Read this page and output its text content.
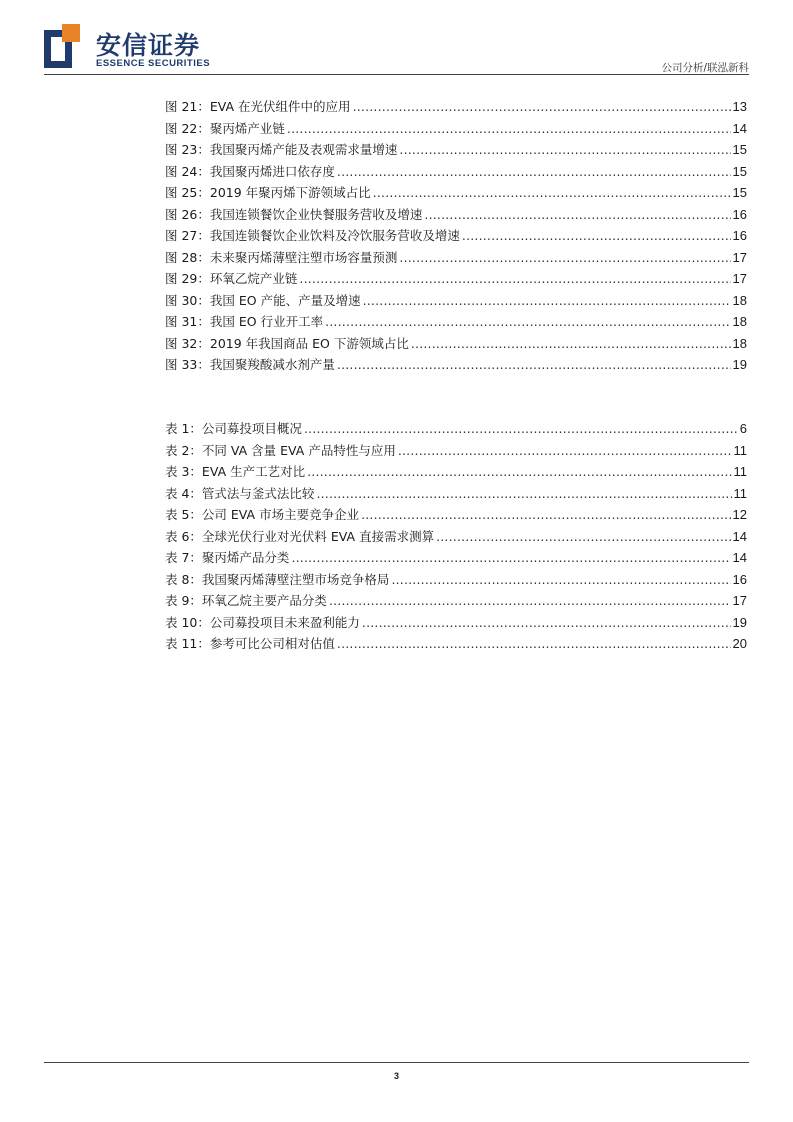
安信证券
ESSENCE SECURITIES	公司分析/联泓新科
图 21：EVA 在光伏组件中的应用 .....	13
图 22：聚丙烯产业链 .....	14
图 23：我国聚丙烯产能及表观需求量增速 .....	15
图 24：我国聚丙烯进口依存度 .....	15
图 25：2019 年聚丙烯下游领域占比 .....	15
图 26：我国连锁餐饮企业快餐服务营收及增速 .....	16
图 27：我国连锁餐饮企业饮料及冷饮服务营收及增速 .....	16
图 28：未来聚丙烯薄壁注塑市场容量预测 .....	17
图 29：环氧乙烷产业链 .....	17
图 30：我国 EO 产能、产量及增速 .....	18
图 31：我国 EO 行业开工率 .....	18
图 32：2019 年我国商品 EO 下游领域占比 .....	18
图 33：我国聚羧酸减水剂产量 .....	19
表 1：公司募投项目概况 .....	6
表 2：不同 VA 含量 EVA 产品特性与应用 .....	11
表 3：EVA 生产工艺对比 .....	11
表 4：管式法与釜式法比较 .....	11
表 5：公司 EVA 市场主要竞争企业 .....	12
表 6：全球光伏行业对光伏料 EVA 直接需求测算 .....	14
表 7：聚丙烯产品分类 .....	14
表 8：我国聚丙烯薄壁注塑市场竞争格局 .....	16
表 9：环氧乙烷主要产品分类 .....	17
表 10：公司募投项目未来盈利能力 .....	19
表 11：参考可比公司相对估值 .....	20
3
